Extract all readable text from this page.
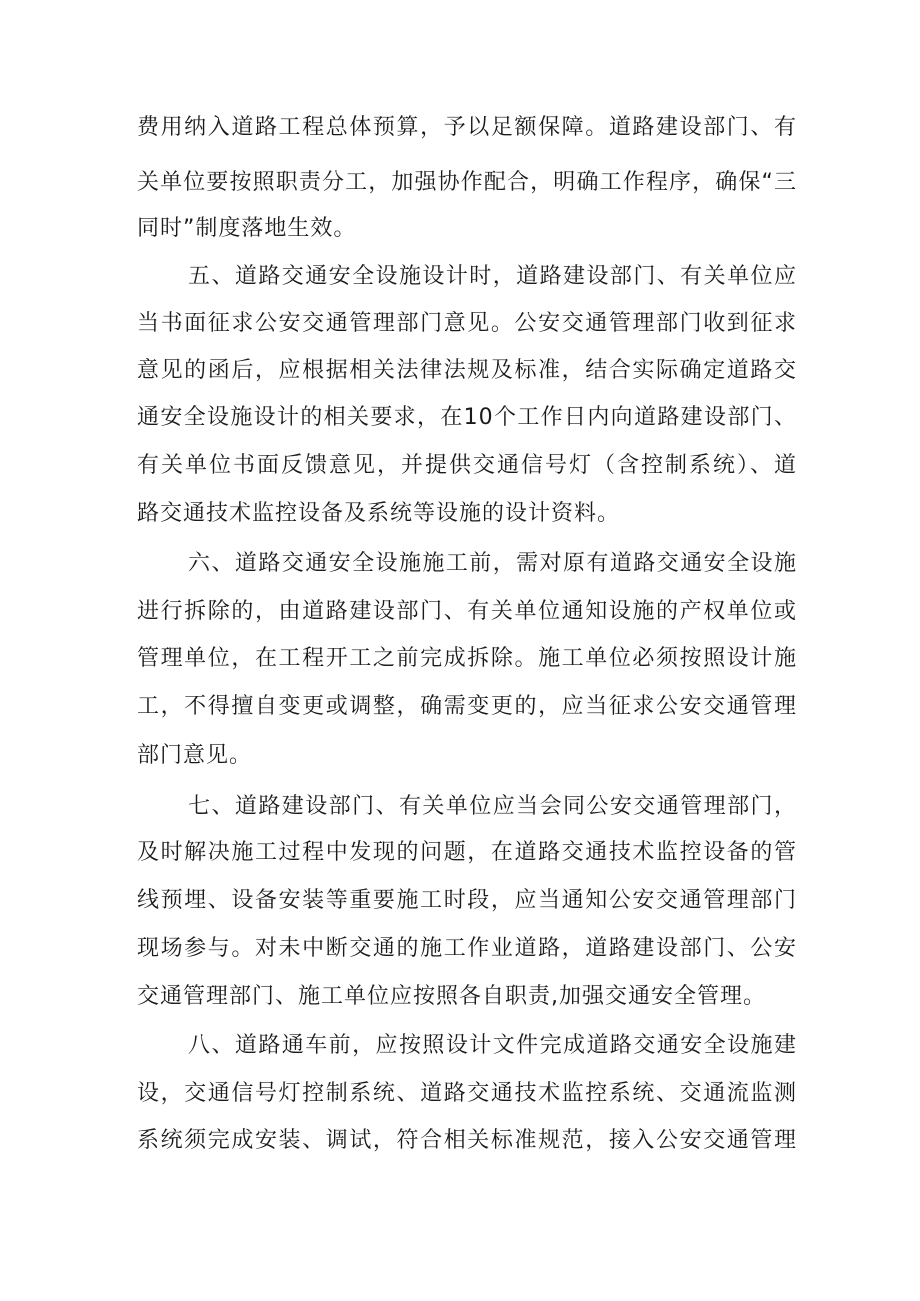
费用纳入道路工程总体预算，予以足额保障。道路建设部门、有
关单位要按照职责分工，加强协作配合，明确工作程序，确保“三
同时”制度落地生效。
五、道路交通安全设施设计时，道路建设部门、有关单位应
当书面征求公安交通管理部门意见。公安交通管理部门收到征求
意见的函后，应根据相关法律法规及标准，结合实际确定道路交
通安全设施设计的相关要求，在10个工作日内向道路建设部门、
有关单位书面反馈意见，并提供交通信号灯（含控制系统）、道
路交通技术监控设备及系统等设施的设计资料。
六、道路交通安全设施施工前，需对原有道路交通安全设施
进行拆除的，由道路建设部门、有关单位通知设施的产权单位或
管理单位，在工程开工之前完成拆除。施工单位必须按照设计施
工，不得擅自变更或调整，确需变更的，应当征求公安交通管理
部门意见。
七、道路建设部门、有关单位应当会同公安交通管理部门，
及时解决施工过程中发现的问题，在道路交通技术监控设备的管
线预埋、设备安装等重要施工时段，应当通知公安交通管理部门
现场参与。对未中断交通的施工作业道路，道路建设部门、公安
交通管理部门、施工单位应按照各自职责,加强交通安全管理。
八、道路通车前，应按照设计文件完成道路交通安全设施建
设，交通信号灯控制系统、道路交通技术监控系统、交通流监测
系统须完成安装、调试，符合相关标准规范，接入公安交通管理
